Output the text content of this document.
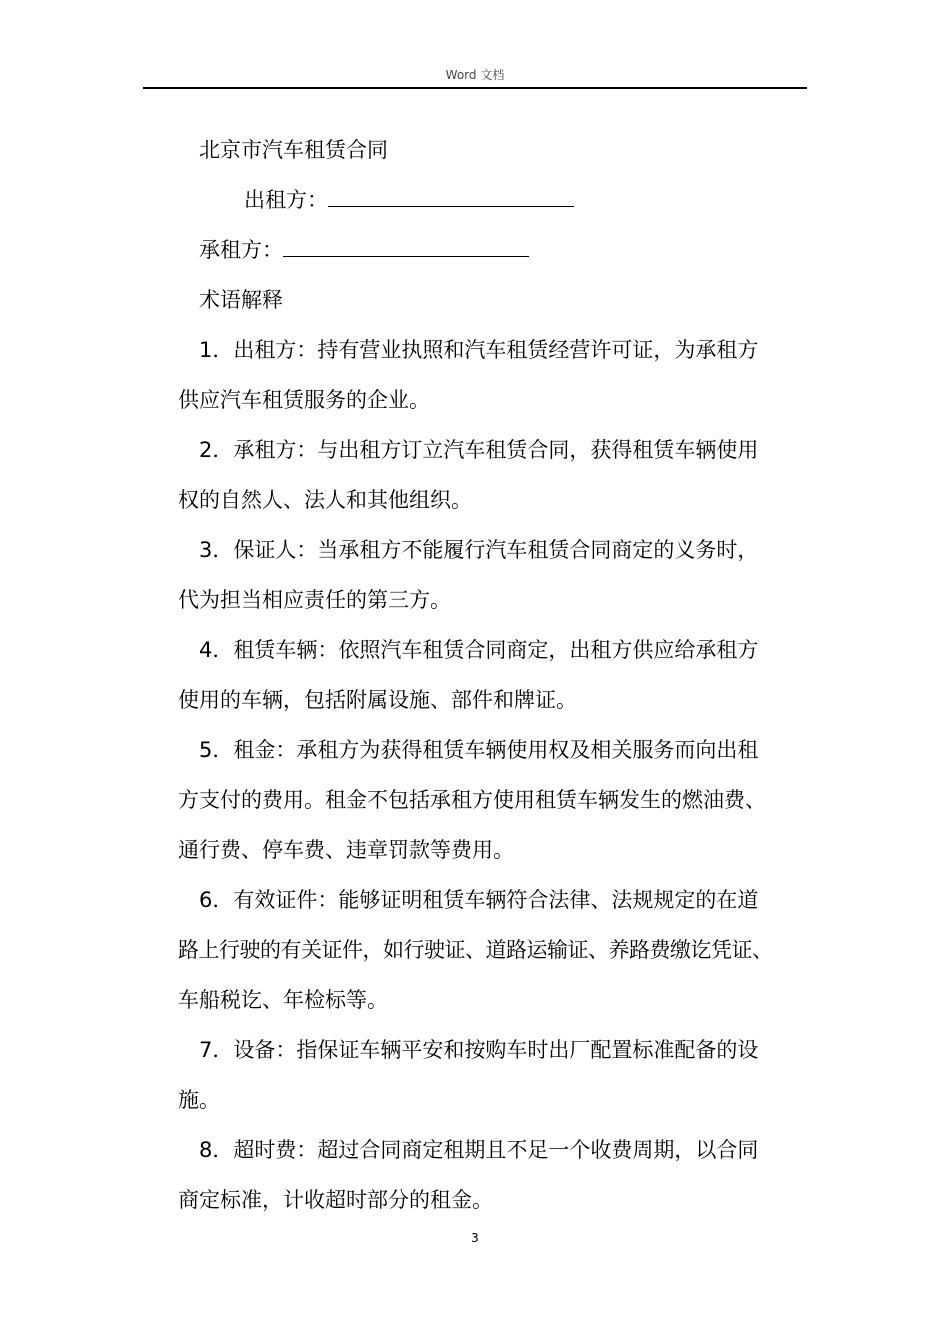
Word 文档
北京市汽车租赁合同
出租方：
承租方：
术语解释
1．出租方：持有营业执照和汽车租赁经营许可证，为承租方
供应汽车租赁服务的企业。
2．承租方：与出租方订立汽车租赁合同，获得租赁车辆使用
权的自然人、法人和其他组织。
3．保证人：当承租方不能履行汽车租赁合同商定的义务时，
代为担当相应责任的第三方。
4．租赁车辆：依照汽车租赁合同商定，出租方供应给承租方
使用的车辆，包括附属设施、部件和牌证。
5．租金：承租方为获得租赁车辆使用权及相关服务而向出租
方支付的费用。租金不包括承租方使用租赁车辆发生的燃油费、
通行费、停车费、违章罚款等费用。
6．有效证件：能够证明租赁车辆符合法律、法规规定的在道
路上行驶的有关证件，如行驶证、道路运输证、养路费缴讫凭证、
车船税讫、年检标等。
7．设备：指保证车辆平安和按购车时出厂配置标准配备的设
施。
8．超时费：超过合同商定租期且不足一个收费周期，以合同
商定标准，计收超时部分的租金。
3
